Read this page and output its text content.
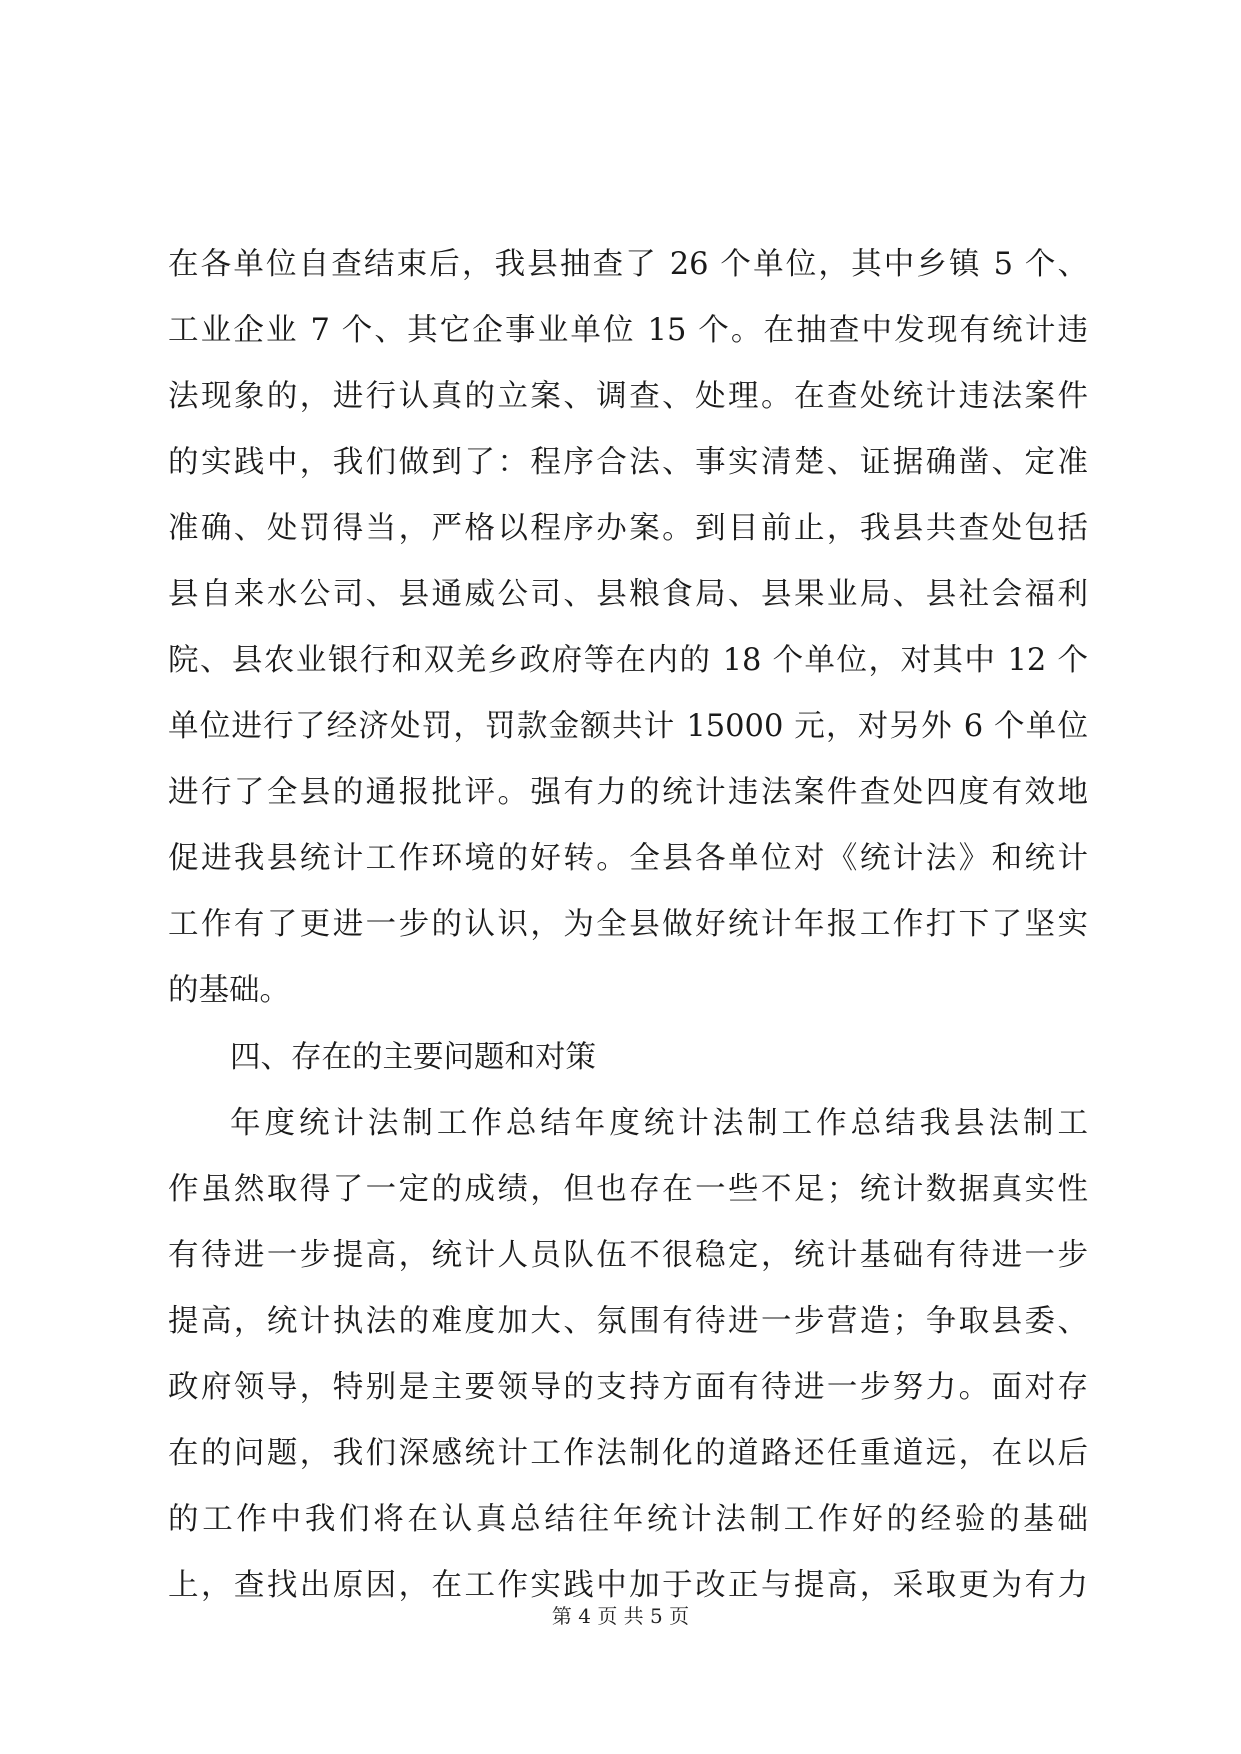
在各单位自查结束后，我县抽查了 26 个单位，其中乡镇 5 个、
工业企业 7 个、其它企事业单位 15 个。在抽查中发现有统计违
法现象的，进行认真的立案、调查、处理。在查处统计违法案件
的实践中，我们做到了：程序合法、事实清楚、证据确凿、定准
准确、处罚得当，严格以程序办案。到目前止，我县共查处包括
县自来水公司、县通威公司、县粮食局、县果业局、县社会福利
院、县农业银行和双羌乡政府等在内的 18 个单位，对其中 12 个
单位进行了经济处罚，罚款金额共计 15000 元，对另外 6 个单位
进行了全县的通报批评。强有力的统计违法案件查处四度有效地
促进我县统计工作环境的好转。全县各单位对《统计法》和统计
工作有了更进一步的认识，为全县做好统计年报工作打下了坚实
的基础。
四、存在的主要问题和对策
年度统计法制工作总结年度统计法制工作总结我县法制工
作虽然取得了一定的成绩，但也存在一些不足；统计数据真实性
有待进一步提高，统计人员队伍不很稳定，统计基础有待进一步
提高，统计执法的难度加大、氛围有待进一步营造；争取县委、
政府领导，特别是主要领导的支持方面有待进一步努力。面对存
在的问题，我们深感统计工作法制化的道路还任重道远，在以后
的工作中我们将在认真总结往年统计法制工作好的经验的基础
上，查找出原因，在工作实践中加于改正与提高，采取更为有力
第 4 页 共 5 页
